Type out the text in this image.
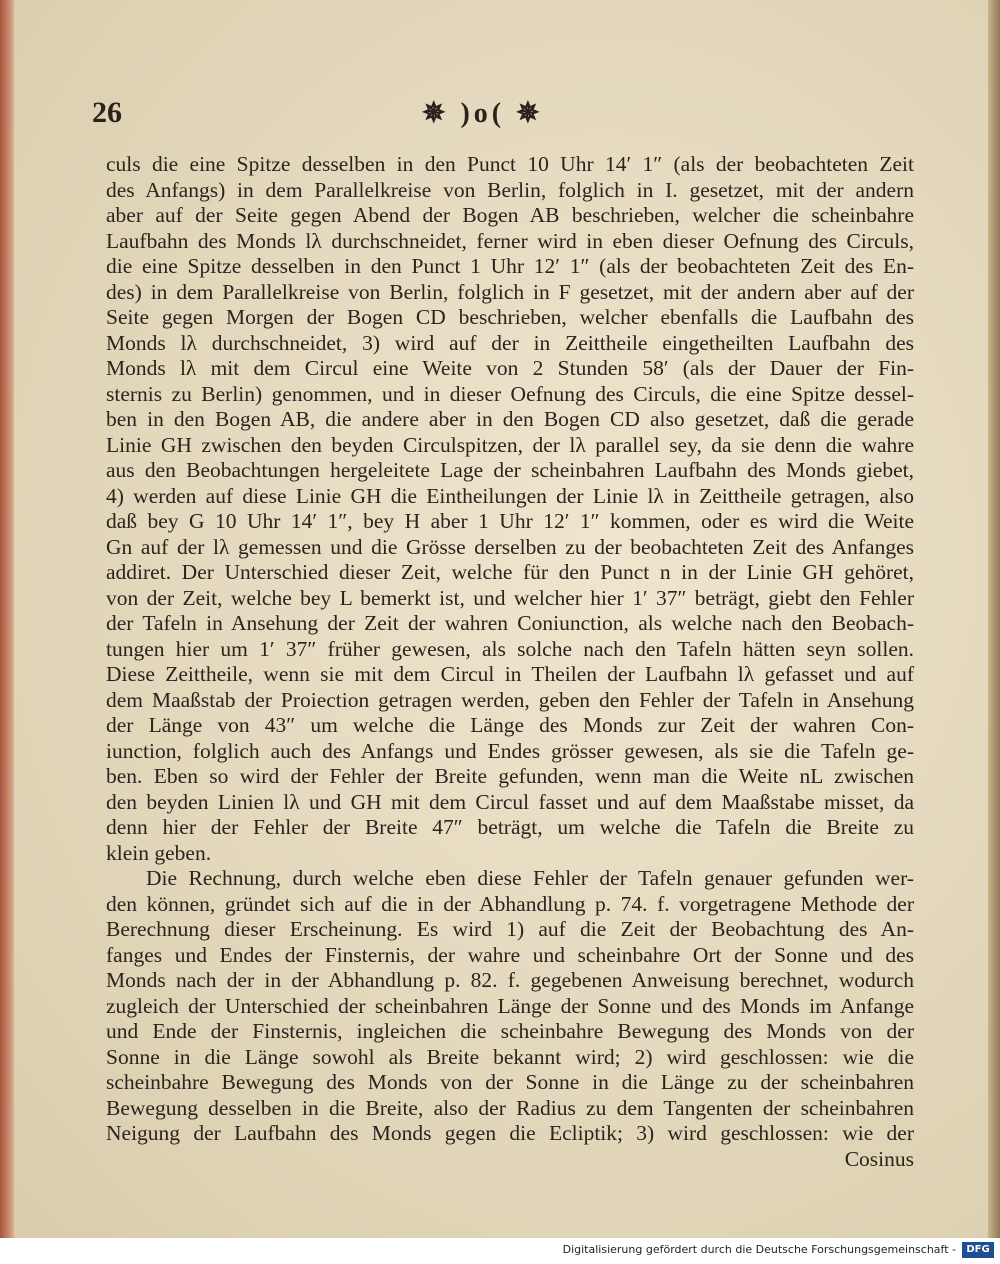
26	✵ )o( ✵
culs die eine Spitze desselben in den Punct 10 Uhr 14′ 1″ (als der beobachteten Zeit
des Anfangs) in dem Parallelkreise von Berlin, folglich in I. gesetzet, mit der andern
aber auf der Seite gegen Abend der Bogen AB beschrieben, welcher die scheinbahre
Laufbahn des Monds lλ durchschneidet, ferner wird in eben dieser Oefnung des Circuls,
die eine Spitze desselben in den Punct 1 Uhr 12′ 1″ (als der beobachteten Zeit des En-
des) in dem Parallelkreise von Berlin, folglich in F gesetzet, mit der andern aber auf der
Seite gegen Morgen der Bogen CD beschrieben, welcher ebenfalls die Laufbahn des
Monds lλ durchschneidet, 3) wird auf der in Zeittheile eingetheilten Laufbahn des
Monds lλ mit dem Circul eine Weite von 2 Stunden 58′ (als der Dauer der Fin-
sternis zu Berlin) genommen, und in dieser Oefnung des Circuls, die eine Spitze dessel-
ben in den Bogen AB, die andere aber in den Bogen CD also gesetzet, daß die gerade
Linie GH zwischen den beyden Circulspitzen, der lλ parallel sey, da sie denn die wahre
aus den Beobachtungen hergeleitete Lage der scheinbahren Laufbahn des Monds giebet,
4) werden auf diese Linie GH die Eintheilungen der Linie lλ in Zeittheile getragen, also
daß bey G 10 Uhr 14′ 1″, bey H aber 1 Uhr 12′ 1″ kommen, oder es wird die Weite
Gn auf der lλ gemessen und die Grösse derselben zu der beobachteten Zeit des Anfanges
addiret. Der Unterschied dieser Zeit, welche für den Punct n in der Linie GH gehöret,
von der Zeit, welche bey L bemerkt ist, und welcher hier 1′ 37″ beträgt, giebt den Fehler
der Tafeln in Ansehung der Zeit der wahren Coniunction, als welche nach den Beobach-
tungen hier um 1′ 37″ früher gewesen, als solche nach den Tafeln hätten seyn sollen.
Diese Zeittheile, wenn sie mit dem Circul in Theilen der Laufbahn lλ gefasset und auf
dem Maaßstab der Proiection getragen werden, geben den Fehler der Tafeln in Ansehung
der Länge von 43″ um welche die Länge des Monds zur Zeit der wahren Con-
iunction, folglich auch des Anfangs und Endes grösser gewesen, als sie die Tafeln ge-
ben. Eben so wird der Fehler der Breite gefunden, wenn man die Weite nL zwischen
den beyden Linien lλ und GH mit dem Circul fasset und auf dem Maaßstabe misset, da
denn hier der Fehler der Breite 47″ beträgt, um welche die Tafeln die Breite zu
klein geben.
Die Rechnung, durch welche eben diese Fehler der Tafeln genauer gefunden wer-
den können, gründet sich auf die in der Abhandlung p. 74. f. vorgetragene Methode der
Berechnung dieser Erscheinung. Es wird 1) auf die Zeit der Beobachtung des An-
fanges und Endes der Finsternis, der wahre und scheinbahre Ort der Sonne und des
Monds nach der in der Abhandlung p. 82. f. gegebenen Anweisung berechnet, wodurch
zugleich der Unterschied der scheinbahren Länge der Sonne und des Monds im Anfange
und Ende der Finsternis, ingleichen die scheinbahre Bewegung des Monds von der
Sonne in die Länge sowohl als Breite bekannt wird; 2) wird geschlossen: wie die
scheinbahre Bewegung des Monds von der Sonne in die Länge zu der scheinbahren
Bewegung desselben in die Breite, also der Radius zu dem Tangenten der scheinbahren
Neigung der Laufbahn des Monds gegen die Ecliptik; 3) wird geschlossen: wie der
Cosinus
Digitalisierung gefördert durch die Deutsche Forschungsgemeinschaft -	DFG
